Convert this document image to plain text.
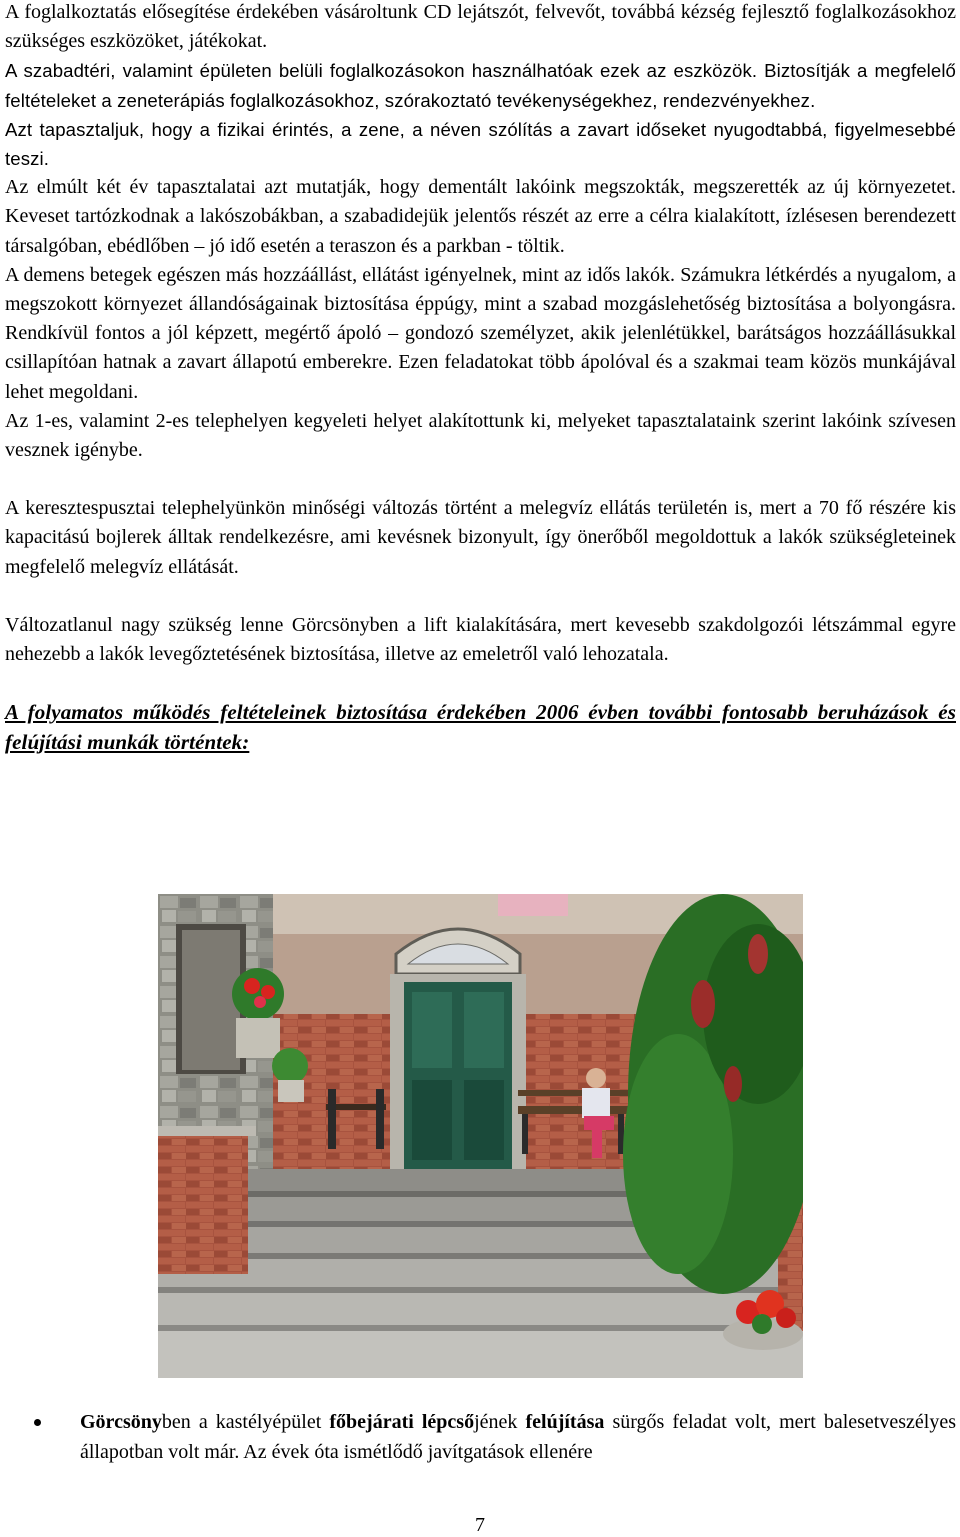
A foglalkoztatás elősegítése érdekében vásároltunk CD lejátszót, felvevőt, továbbá kézség fejlesztő foglalkozásokhoz szükséges eszközöket, játékokat.

A szabadtéri, valamint épületen belüli foglalkozásokon használhatóak ezek az eszközök. Biztosítják a megfelelő feltételeket a zeneterápiás foglalkozásokhoz, szórakoztató tevékenységekhez, rendezvényekhez.

Azt tapasztaljuk, hogy a fizikai érintés, a zene, a néven szólítás a zavart időseket nyugodtabbá, figyelmesebbé teszi.

Az elmúlt két év tapasztalatai azt mutatják, hogy dementált lakóink megszokták, megszerették az új környezetet. Keveset tartózkodnak a lakószobákban, a szabadidejük jelentős részét az erre a célra kialakított, ízlésesen berendezett társalgóban, ebédlőben – jó idő esetén a teraszon és a parkban - töltik.

A demens betegek egészen más hozzáállást, ellátást igényelnek, mint az idős lakók. Számukra létkérdés a nyugalom, a megszokott környezet állandóságainak biztosítása éppúgy, mint a szabad mozgáslehetőség biztosítása a bolyongásra. Rendkívül fontos a jól képzett, megértő ápoló – gondozó személyzet, akik jelenlétükkel, barátságos hozzáállásukkal csillapítóan hatnak a zavart állapotú emberekre. Ezen feladatokat több ápolóval és a szakmai team közös munkájával lehet megoldani.

Az 1-es, valamint 2-es telephelyen kegyeleti helyet alakítottunk ki, melyeket tapasztalataink szerint lakóink szívesen vesznek igénybe.

A keresztespusztai telephelyünkön minőségi változás történt a melegvíz ellátás területén is, mert a 70 fő részére kis kapacitású bojlerek álltak rendelkezésre, ami kevésnek bizonyult, így önerőből megoldottuk a lakók szükségleteinek megfelelő melegvíz ellátását.

Változatlanul nagy szükség lenne Görcsönyben a lift kialakítására, mert kevesebb szakdolgozói létszámmal egyre nehezebb a lakók levegőztetésének biztosítása, illetve az emeletről való lehozatala.

A folyamatos működés feltételeinek biztosítása érdekében 2006 évben további fontosabb beruházások és felújítási munkák történtek:

Görcsönyben a kastélyépület főbejárati lépcsőjének felújítása sürgős feladat volt, mert balesetveszélyes állapotban volt már. Az évek óta ismétlődő javítgatások ellenére
7
